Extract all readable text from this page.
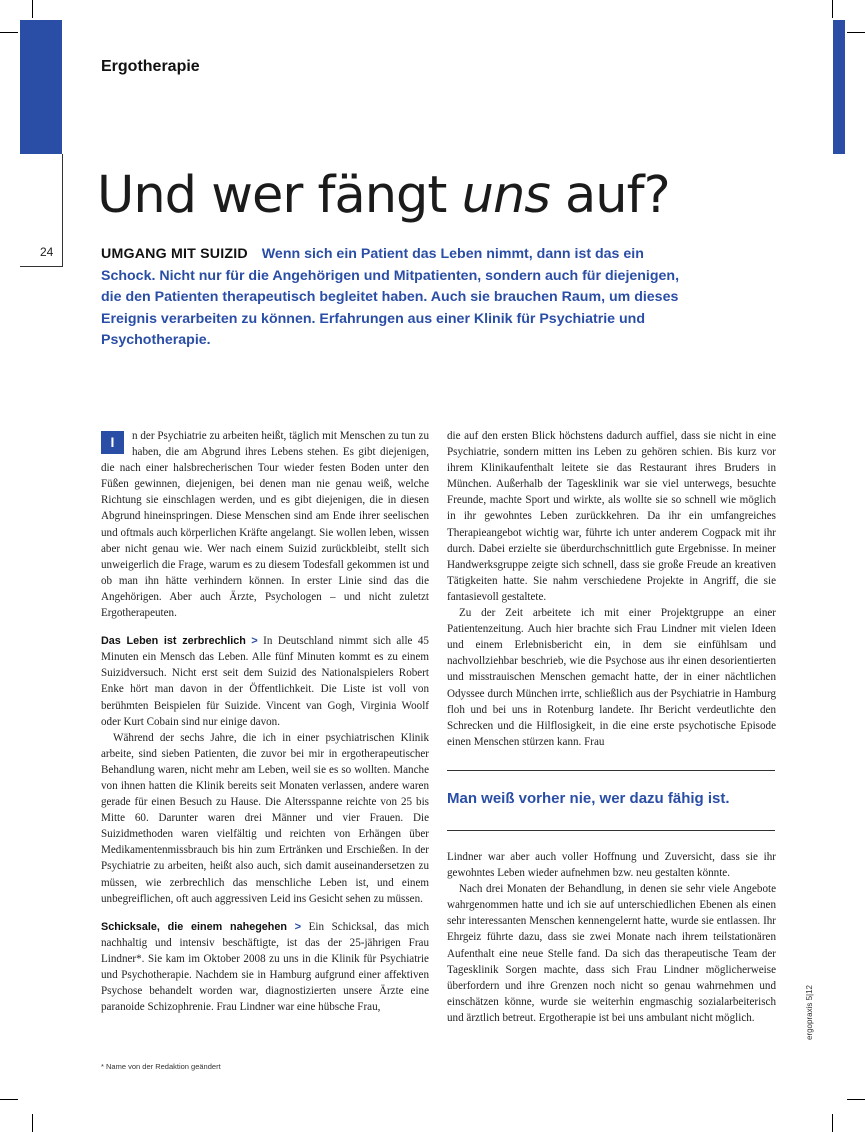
24
Ergotherapie
Und wer fängt uns auf?
UMGANG MIT SUIZID Wenn sich ein Patient das Leben nimmt, dann ist das ein Schock. Nicht nur für die Angehörigen und Mitpatienten, sondern auch für diejenigen, die den Patienten therapeutisch begleitet haben. Auch sie brauchen Raum, um dieses Ereignis verarbeiten zu können. Erfahrungen aus einer Klinik für Psychiatrie und Psychotherapie.

I	n der Psychiatrie zu arbeiten heißt, täglich mit Menschen zu tun zu haben, die am Abgrund ihres Lebens stehen. Es gibt diejenigen, die nach einer halsbrecherischen Tour wieder festen Boden unter den Füßen gewinnen, diejenigen, bei denen man nie genau weiß, welche Richtung sie einschlagen werden, und es gibt diejenigen, die in diesen Abgrund hineinspringen. Diese Menschen sind am Ende ihrer seelischen und oftmals auch körperlichen Kräfte angelangt. Sie wollen leben, wissen aber nicht genau wie. Wer nach einem Suizid zurückbleibt, stellt sich unweigerlich die Frage, warum es zu diesem Todesfall gekommen ist und ob man ihn hätte verhindern können. In erster Linie sind das die Angehörigen. Aber auch Ärzte, Psychologen – und nicht zuletzt Ergotherapeuten.

Das Leben ist zerbrechlich > In Deutschland nimmt sich alle 45 Minuten ein Mensch das Leben. Alle fünf Minuten kommt es zu einem Suizidversuch. Nicht erst seit dem Suizid des Nationalspielers Robert Enke hört man davon in der Öffentlichkeit. Die Liste ist voll von berühmten Beispielen für Suizide. Vincent van Gogh, Virginia Woolf oder Kurt Cobain sind nur einige davon.

Während der sechs Jahre, die ich in einer psychiatrischen Klinik arbeite, sind sieben Patienten, die zuvor bei mir in ergotherapeutischer Behandlung waren, nicht mehr am Leben, weil sie es so wollten. Manche von ihnen hatten die Klinik bereits seit Monaten verlassen, andere waren gerade für einen Besuch zu Hause. Die Altersspanne reichte von 25 bis Mitte 60. Darunter waren drei Männer und vier Frauen. Die Suizidmethoden waren vielfältig und reichten von Erhängen über Medikamentenmissbrauch bis hin zum Ertränken und Erschießen. In der Psychiatrie zu arbeiten, heißt also auch, sich damit auseinandersetzen zu müssen, wie zerbrechlich das menschliche Leben ist, und einem unbegreiflichen, oft auch aggressiven Leid ins Gesicht sehen zu müssen.

Schicksale, die einem nahegehen > Ein Schicksal, das mich nachhaltig und intensiv beschäftigte, ist das der 25-jährigen Frau Lindner*. Sie kam im Oktober 2008 zu uns in die Klinik für Psychiatrie und Psychotherapie. Nachdem sie in Hamburg aufgrund einer affektiven Psychose behandelt worden war, diagnostizierten unsere Ärzte eine paranoide Schizophrenie. Frau Lindner war eine hübsche Frau,

die auf den ersten Blick höchstens dadurch auffiel, dass sie nicht in eine Psychiatrie, sondern mitten ins Leben zu gehören schien. Bis kurz vor ihrem Klinikaufenthalt leitete sie das Restaurant ihres Bruders in München. Außerhalb der Tagesklinik war sie viel unterwegs, besuchte Freunde, machte Sport und wirkte, als wollte sie so schnell wie möglich in ihr gewohntes Leben zurückkehren. Da ihr ein umfangreiches Therapieangebot wichtig war, führte ich unter anderem Cogpack mit ihr durch. Dabei erzielte sie überdurchschnittlich gute Ergebnisse. In meiner Handwerksgruppe zeigte sich schnell, dass sie große Freude an kreativen Tätigkeiten hatte. Sie nahm verschiedene Projekte in Angriff, die sie fantasievoll gestaltete.

Zu der Zeit arbeitete ich mit einer Projektgruppe an einer Patientenzeitung. Auch hier brachte sich Frau Lindner mit vielen Ideen und einem Erlebnisbericht ein, in dem sie einfühlsam und nachvollziehbar beschrieb, wie die Psychose aus ihr einen desorientierten und misstrauischen Menschen gemacht hatte, der in einer nächtlichen Odyssee durch München irrte, schließlich aus der Psychiatrie in Hamburg floh und bei uns in Rotenburg landete. Ihr Bericht verdeutlichte den Schrecken und die Hilflosigkeit, in die eine erste psychotische Episode einen Menschen stürzen kann. Frau

Man weiß vorher nie, wer dazu fähig ist.

Lindner war aber auch voller Hoffnung und Zuversicht, dass sie ihr gewohntes Leben wieder aufnehmen bzw. neu gestalten könnte.

Nach drei Monaten der Behandlung, in denen sie sehr viele Angebote wahrgenommen hatte und ich sie auf unterschiedlichen Ebenen als einen sehr interessanten Menschen kennengelernt hatte, wurde sie entlassen. Ihr Ehrgeiz führte dazu, dass sie zwei Monate nach ihrem teilstationären Aufenthalt eine neue Stelle fand. Da sich das therapeutische Team der Tagesklinik Sorgen machte, dass sich Frau Lindner möglicherweise überfordern und ihre Grenzen noch nicht so genau wahrnehmen und einschätzen könne, wurde sie weiterhin engmaschig sozialarbeiterisch und ärztlich betreut. Ergotherapie ist bei uns ambulant nicht möglich.

* Name von der Redaktion geändert
ergopraxis 5|12
